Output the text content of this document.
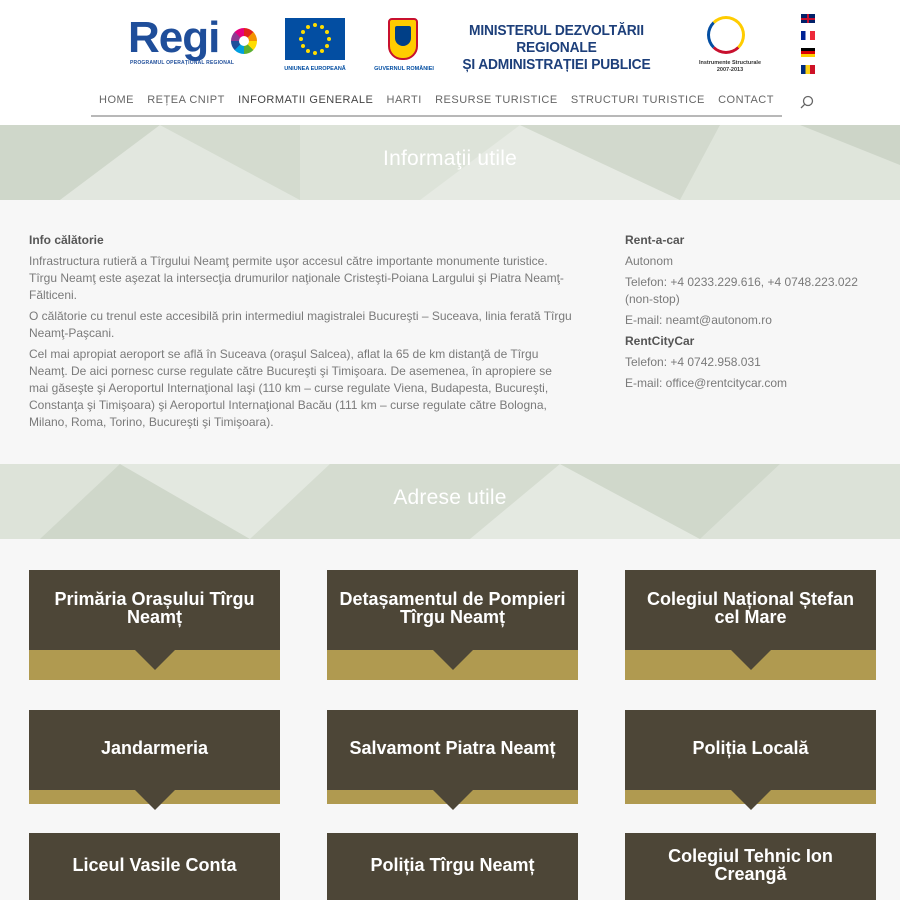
Regi
PROGRAMUL OPERAȚIONAL REGIONAL
UNIUNEA EUROPEANĂ	GUVERNUL ROMÂNIEI
MINISTERUL DEZVOLTĂRII REGIONALE
ȘI ADMINISTRAȚIEI PUBLICE	Instrumente Structurale
2007-2013
HOME REȚEA CNIPT INFORMATII GENERALE HARTI RESURSE TURISTICE STRUCTURI TURISTICE CONTACT
Informaţii utile

Info călătorie

Infrastructura rutieră a Tîrgului Neamţ permite uşor accesul către importante monumente turistice. Tîrgu Neamţ este aşezat la intersecţia drumurilor naţionale Cristeşti-Poiana Largului şi Piatra Neamţ-Fălticeni.

O călătorie cu trenul este accesibilă prin intermediul magistralei Bucureşti – Suceava, linia ferată Tîrgu Neamţ-Paşcani.

Cel mai apropiat aeroport se află în Suceava (oraşul Salcea), aflat la 65 de km distanţă de Tîrgu Neamţ. De aici pornesc curse regulate către Bucureşti şi Timişoara. De asemenea, în apropiere se mai găseşte şi Aeroportul Internaţional Iaşi (110 km – curse regulate Viena, Budapesta, Bucureşti, Constanţa şi Timişoara) şi Aeroportul Internaţional Bacău (111 km – curse regulate către Bologna, Milano, Roma, Torino, Bucureşti şi Timişoara).

Rent-a-car

Autonom

Telefon: +4 0233.229.616, +4 0748.223.022 (non-stop)

E-mail: neamt@autonom.ro

RentCityCar

Telefon: +4 0742.958.031

E-mail: office@rentcitycar.com

Adrese utile
Primăria Orașului Tîrgu Neamț
Detașamentul de Pompieri Tîrgu Neamț
Colegiul Național Ștefan cel Mare
Jandarmeria	Salvamont Piatra Neamț	Poliția Locală
Liceul Vasile Conta	Poliția Tîrgu Neamț	Colegiul Tehnic Ion Creangă
